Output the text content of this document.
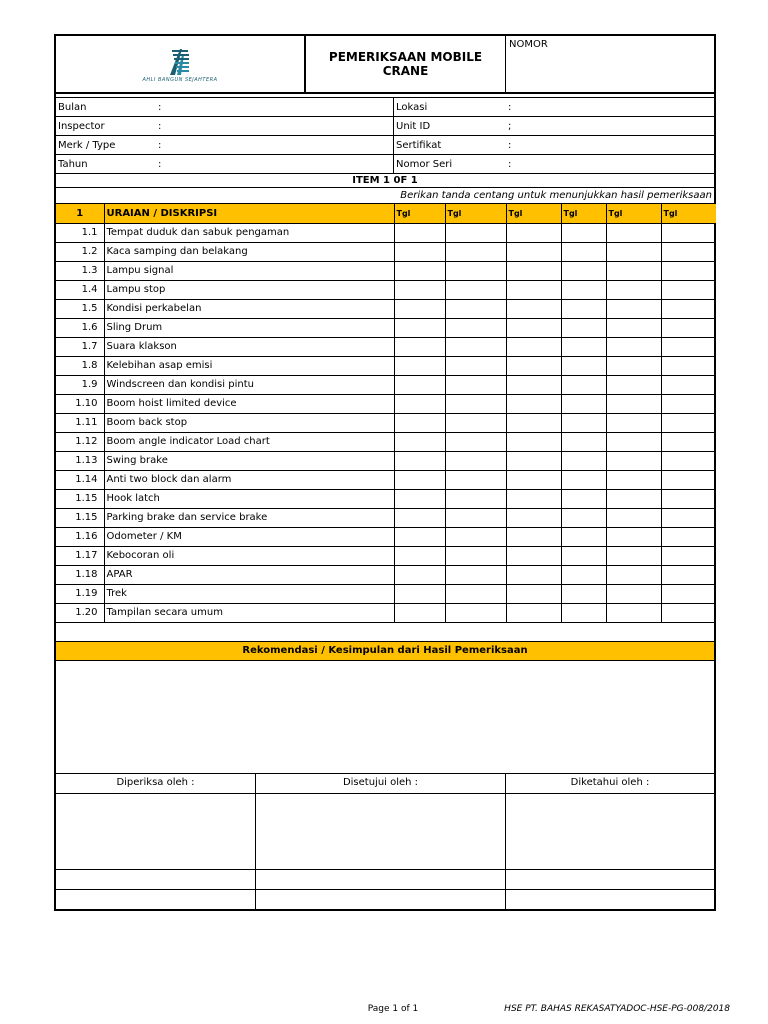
AHLI BANGUN SEJAHTERA
PEMERIKSAAN MOBILE CRANE
NOMOR
Bulan	:	Lokasi	:
Inspector	:	Unit ID	;
Merk / Type	:	Sertifikat	:
Tahun	:	Nomor Seri	:
ITEM 1 0F 1
Berikan tanda centang untuk menunjukkan hasil pemeriksaan
1	URAIAN / DISKRIPSI	Tgl	Tgl	Tgl	Tgl	Tgl	Tgl
1.1	Tempat duduk dan sabuk pengaman						
1.2	Kaca samping dan belakang						
1.3	Lampu signal						
1.4	Lampu stop						
1.5	Kondisi perkabelan						
1.6	Sling Drum						
1.7	Suara klakson						
1.8	Kelebihan asap emisi						
1.9	Windscreen dan kondisi pintu						
1.10	Boom hoist limited device						
1.11	Boom back stop						
1.12	Boom angle indicator Load chart						
1.13	Swing brake						
1.14	Anti two block dan alarm						
1.15	Hook latch						
1.15	Parking brake dan service brake						
1.16	Odometer / KM						
1.17	Kebocoran oli						
1.18	APAR						
1.19	Trek						
1.20	Tampilan secara umum						
Rekomendasi / Kesimpulan dari Hasil Pemeriksaan
Diperiksa oleh :	Disetujui oleh :	Diketahui oleh :
Page 1 of 1	HSE PT. BAHAS REKASATYADOC-HSE-PG-008/2018
